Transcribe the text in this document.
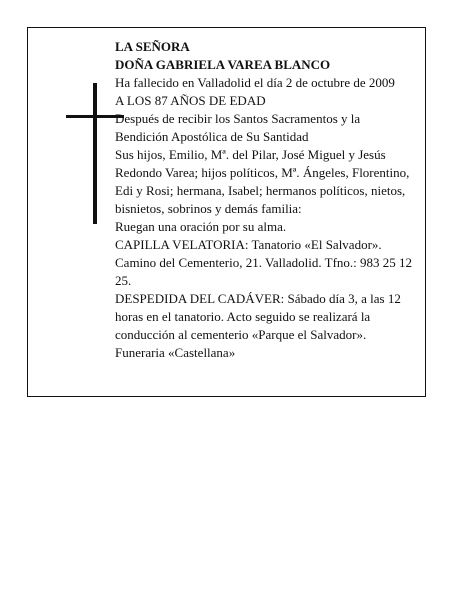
LA SEÑORA

DOÑA GABRIELA VAREA BLANCO

Ha fallecido en Valladolid el día 2 de octubre de 2009

A LOS 87 AÑOS DE EDAD

Después de recibir los Santos Sacramentos y la Bendición Apostólica de Su Santidad

Sus hijos, Emilio, Mª. del Pilar, José Miguel y Jesús Redondo Varea; hijos políticos, Mª. Ángeles, Florentino, Edi y Rosi; hermana, Isabel; hermanos políticos, nietos, bisnietos, sobrinos y demás familia:

Ruegan una oración por su alma.

CAPILLA VELATORIA: Tanatorio «El Salvador». Camino del Cementerio, 21. Valladolid. Tfno.: 983 25 12 25.

DESPEDIDA DEL CADÁVER: Sábado día 3, a las 12 horas en el tanatorio. Acto seguido se realizará la conducción al cementerio «Parque el Salvador».

Funeraria «Castellana»
